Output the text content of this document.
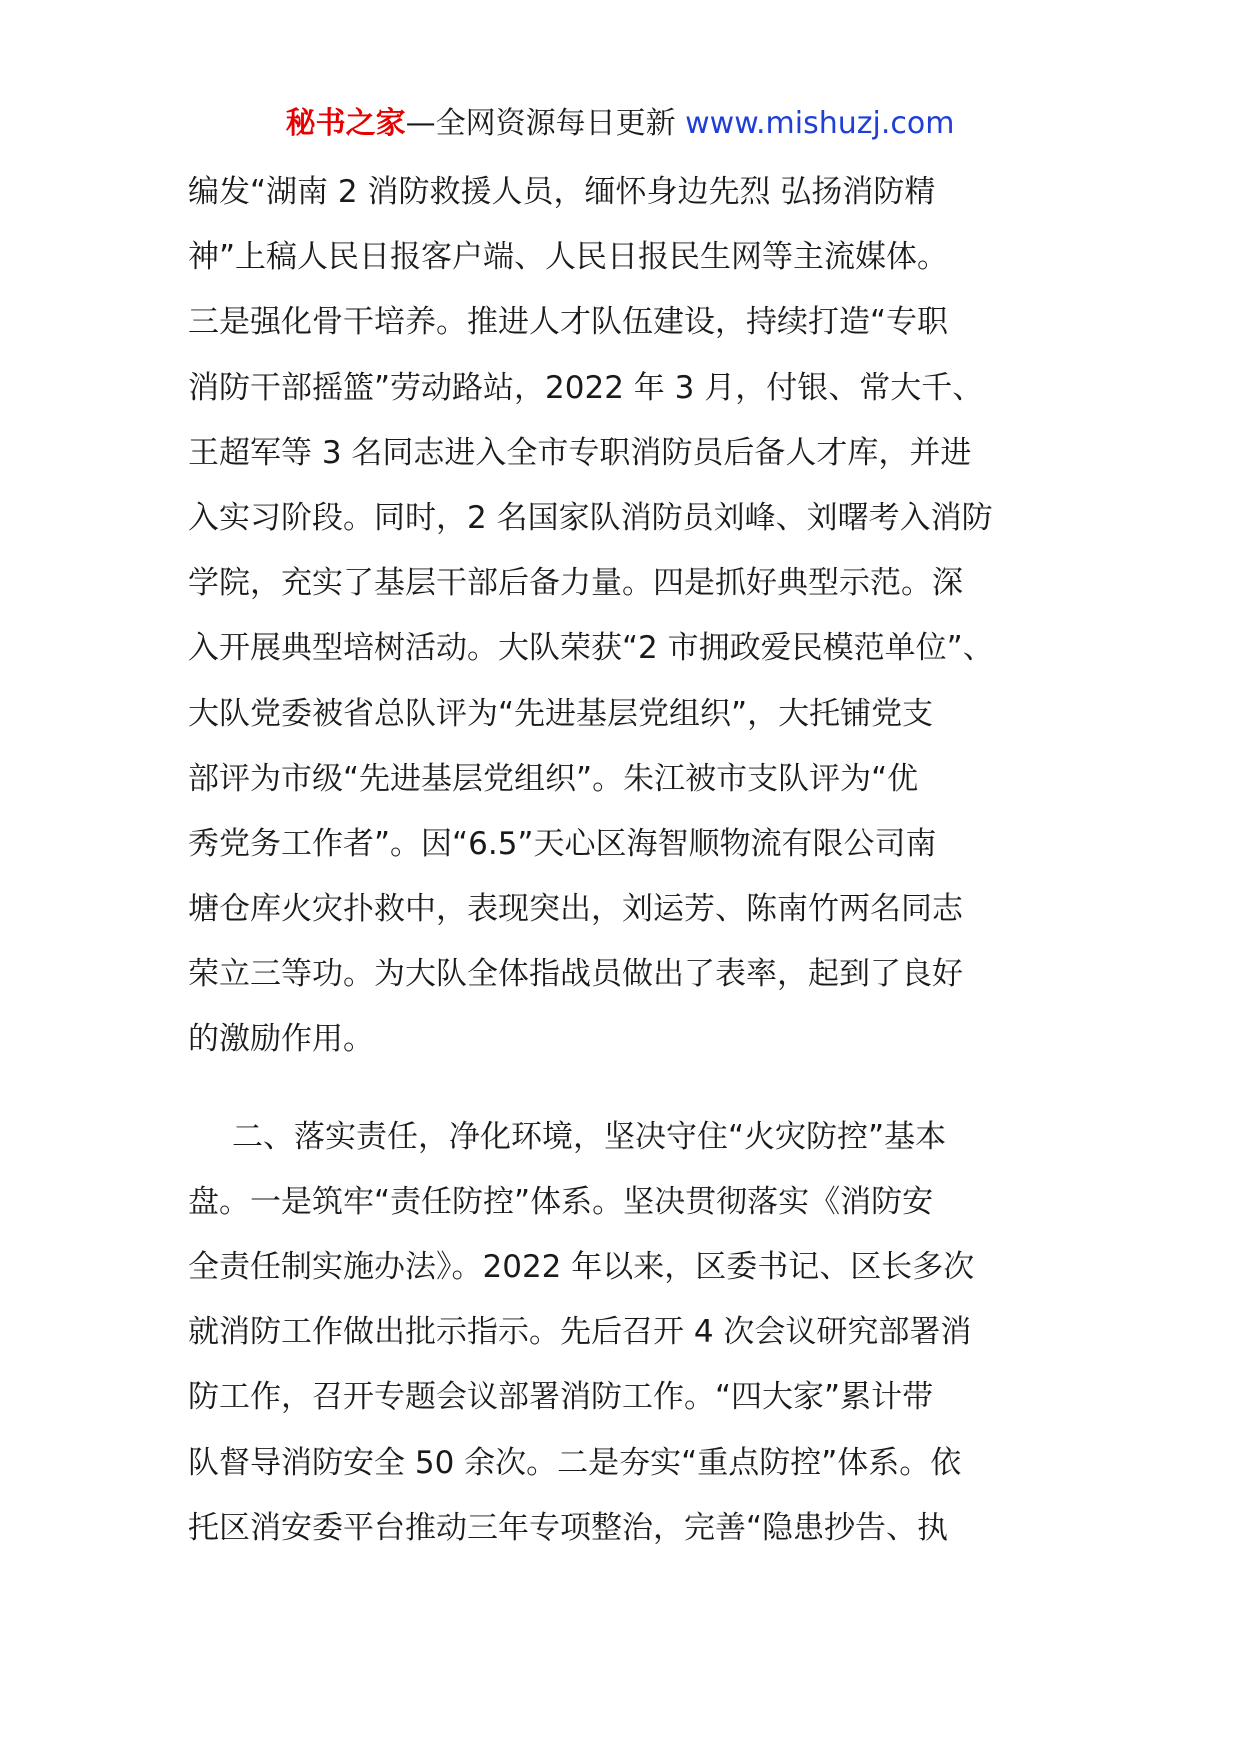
秘书之家—全网资源每日更新 www.mishuzj.com
编发“湖南 2 消防救援人员，缅怀身边先烈 弘扬消防精
神”上稿人民日报客户端、人民日报民生网等主流媒体。
三是强化骨干培养。推进人才队伍建设，持续打造“专职
消防干部摇篮”劳动路站，2022 年 3 月，付银、常大千、
王超军等 3 名同志进入全市专职消防员后备人才库，并进
入实习阶段。同时，2 名国家队消防员刘峰、刘曙考入消防
学院，充实了基层干部后备力量。四是抓好典型示范。深
入开展典型培树活动。大队荣获“2 市拥政爱民模范单位”、
大队党委被省总队评为“先进基层党组织”，大托铺党支
部评为市级“先进基层党组织”。朱江被市支队评为“优
秀党务工作者”。因“6.5”天心区海智顺物流有限公司南
塘仓库火灾扑救中，表现突出，刘运芳、陈南竹两名同志
荣立三等功。为大队全体指战员做出了表率，起到了良好
的激励作用。
二、落实责任，净化环境，坚决守住“火灾防控”基本
盘。一是筑牢“责任防控”体系。坚决贯彻落实《消防安
全责任制实施办法》。2022 年以来，区委书记、区长多次
就消防工作做出批示指示。先后召开 4 次会议研究部署消
防工作，召开专题会议部署消防工作。“四大家”累计带
队督导消防安全 50 余次。二是夯实“重点防控”体系。依
托区消安委平台推动三年专项整治，完善“隐患抄告、执
